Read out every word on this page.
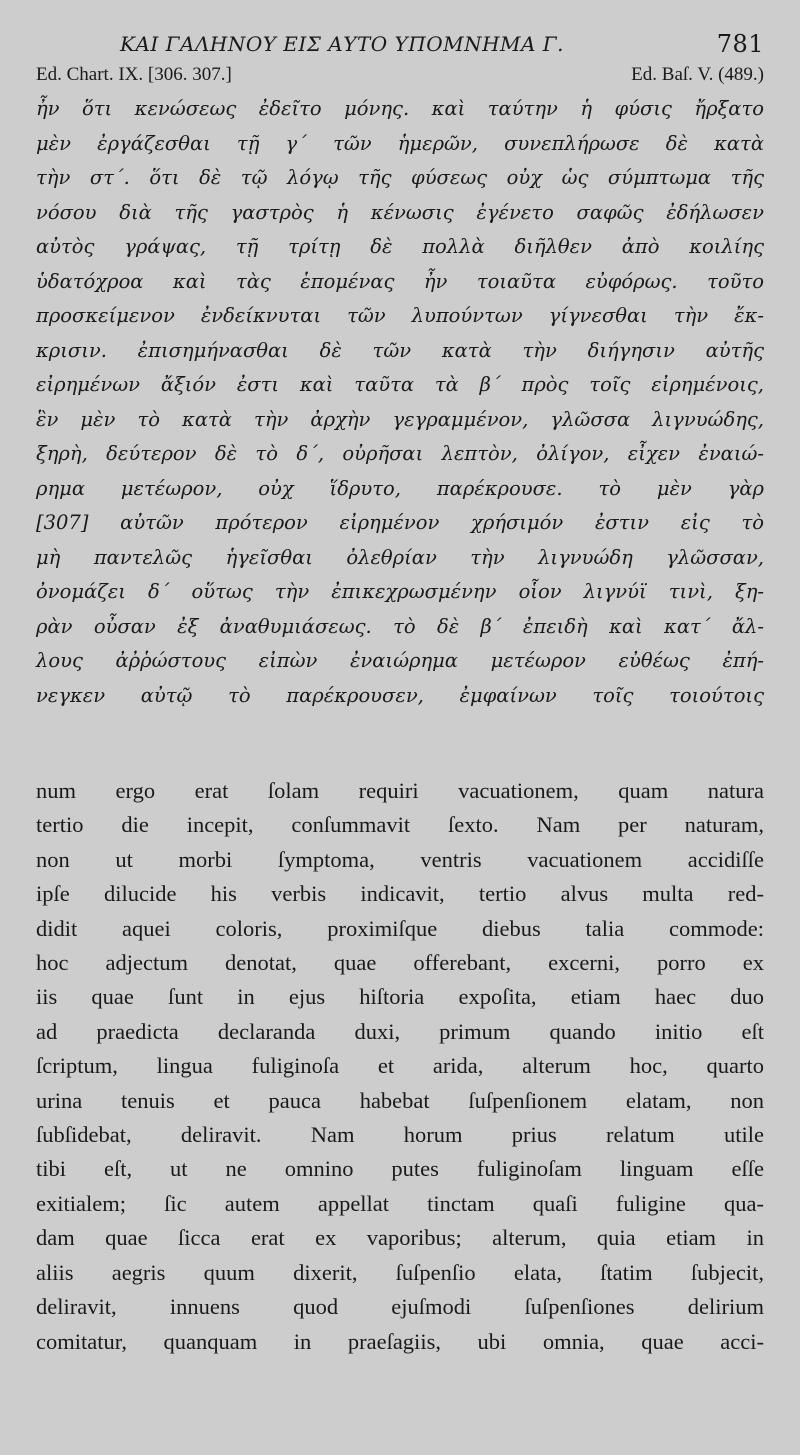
ΚΑΙ ΓΑΛΗΝΟΥ ΕΙΣ ΑΥΤΟ ΥΠΟΜΝΗΜΑ Γ.	781
Ed. Chart. IX. [306. 307.]	Ed. Baſ. V. (489.)
ἦν ὅτι κενώσεως ἐδεῖτο μόνης. καὶ ταύτην ἡ φύσις ἤρξατο
μὲν ἐργάζεσθαι τῇ γ΄ τῶν ἡμερῶν, συνεπλήρωσε δὲ κατὰ
τὴν στ΄. ὅτι δὲ τῷ λόγῳ τῆς φύσεως οὐχ ὡς σύμπτωμα τῆς
νόσου διὰ τῆς γαστρὸς ἡ κένωσις ἐγένετο σαφῶς ἐδήλωσεν
αὐτὸς γράψας, τῇ τρίτῃ δὲ πολλὰ διῆλθεν ἀπὸ κοιλίης
ὑδατόχροα καὶ τὰς ἑπομένας ἦν τοιαῦτα εὐφόρως. τοῦτο
προσκείμενον ἐνδείκνυται τῶν λυπούντων γίγνεσθαι τὴν ἔκ-
κρισιν. ἐπισημήνασθαι δὲ τῶν κατὰ τὴν διήγησιν αὐτῆς
εἰρημένων ἄξιόν ἐστι καὶ ταῦτα τὰ β΄ πρὸς τοῖς εἰρημένοις,
ἓν μὲν τὸ κατὰ τὴν ἀρχὴν γεγραμμένον, γλῶσσα λιγνυώδης,
ξηρὴ, δεύτερον δὲ τὸ δ΄, οὐρῆσαι λεπτὸν, ὀλίγον, εἶχεν ἐναιώ-
ρημα μετέωρον, οὐχ ἵδρυτο, παρέκρουσε. τὸ μὲν γὰρ
[307] αὐτῶν πρότερον εἰρημένον χρήσιμόν ἐστιν εἰς τὸ
μὴ παντελῶς ἡγεῖσθαι ὀλεθρίαν τὴν λιγνυώδη γλῶσσαν,
ὀνομάζει δ΄ οὕτως τὴν ἐπικεχρωσμένην οἷον λιγνύϊ τινὶ, ξη-
ρὰν οὖσαν ἐξ ἀναθυμιάσεως. τὸ δὲ β΄ ἐπειδὴ καὶ κατ΄ ἄλ-
λους ἀῤῥώστους εἰπὼν ἐναιώρημα μετέωρον εὐθέως ἐπή-
νεγκεν αὐτῷ τὸ παρέκρουσεν, ἐμφαίνων τοῖς τοιούτοις
num ergo erat ſolam requiri vacuationem, quam natura
tertio die incepit, conſummavit ſexto. Nam per naturam,
non ut morbi ſymptoma, ventris vacuationem accidiſſe
ipſe dilucide his verbis indicavit, tertio alvus multa red-
didit aquei coloris, proximiſque diebus talia commode:
hoc adjectum denotat, quae offerebant, excerni, porro ex
iis quae ſunt in ejus hiſtoria expoſita, etiam haec duo
ad praedicta declaranda duxi, primum quando initio eſt
ſcriptum, lingua fuliginoſa et arida, alterum hoc, quarto
urina tenuis et pauca habebat ſuſpenſionem elatam, non
ſubſidebat, deliravit. Nam horum prius relatum utile
tibi eſt, ut ne omnino putes fuliginoſam linguam eſſe
exitialem; ſic autem appellat tinctam quaſi fuligine qua-
dam quae ſicca erat ex vaporibus; alterum, quia etiam in
aliis aegris quum dixerit, ſuſpenſio elata, ſtatim ſubjecit,
deliravit, innuens quod ejuſmodi ſuſpenſiones delirium
comitatur, quanquam in praeſagiis, ubi omnia, quae acci-
